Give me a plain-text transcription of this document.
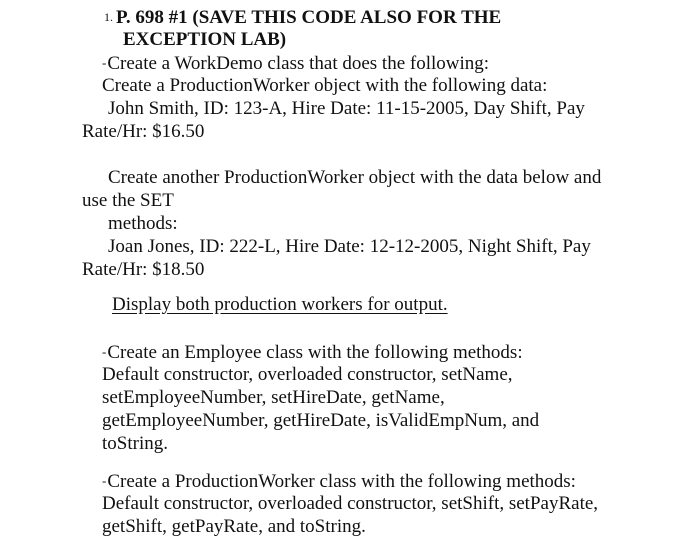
1. P. 698 #1 (SAVE THIS CODE ALSO FOR THE
EXCEPTION LAB)
-Create a WorkDemo class that does the following:
Create a ProductionWorker object with the following data:
John Smith, ID: 123-A, Hire Date: 11-15-2005, Day Shift, Pay
Rate/Hr: $16.50
Create another ProductionWorker object with the data below and
use the SET
methods:
Joan Jones, ID: 222-L, Hire Date: 12-12-2005, Night Shift, Pay
Rate/Hr: $18.50
Display both production workers for output.
-Create an Employee class with the following methods:
Default constructor, overloaded constructor, setName,
setEmployeeNumber, setHireDate, getName,
getEmployeeNumber, getHireDate, isValidEmpNum, and
toString.
-Create a ProductionWorker class with the following methods:
Default constructor, overloaded constructor, setShift, setPayRate,
getShift, getPayRate, and toString.
